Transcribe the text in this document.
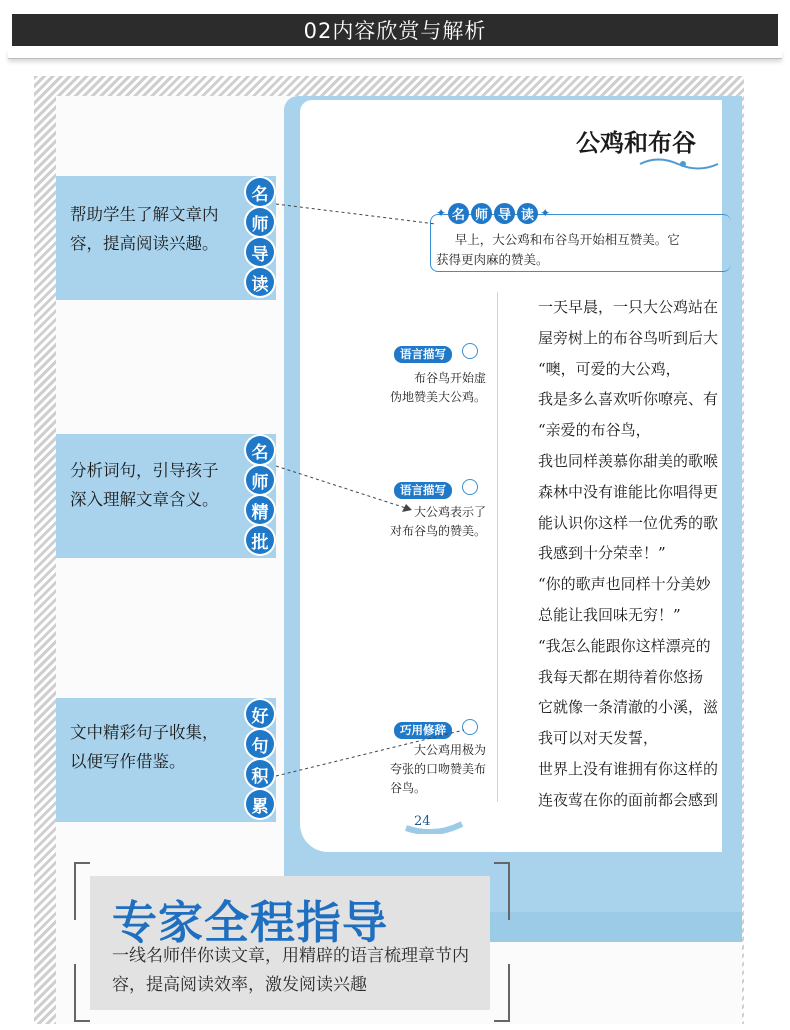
02内容欣赏与解析
公鸡和布谷
帮助学生了解文章内容，提高阅读兴趣。
名
师
导
读
分析词句，引导孩子深入理解文章含义。
名
师
精
批
文中精彩句子收集，以便写作借鉴。
好
句
积
累
✦ 名 师 导 读 ✦
早上，大公鸡和布谷鸟开始相互赞美。它
获得更肉麻的赞美。
语言描写
布谷鸟开始虚伪地赞美大公鸡。
语言描写
大公鸡表示了对布谷鸟的赞美。
巧用修辞
大公鸡用极为夸张的口吻赞美布谷鸟。
一天早晨，一只大公鸡站在
屋旁树上的布谷鸟听到后大
“噢，可爱的大公鸡，
我是多么喜欢听你嘹亮、有
“亲爱的布谷鸟，
我也同样羡慕你甜美的歌喉
森林中没有谁能比你唱得更
能认识你这样一位优秀的歌
我感到十分荣幸！”
“你的歌声也同样十分美妙
总能让我回味无穷！”
“我怎么能跟你这样漂亮的
我每天都在期待着你悠扬
它就像一条清澈的小溪，滋
我可以对天发誓，
世界上没有谁拥有你这样的
连夜莺在你的面前都会感到
24
专家全程指导
一线名师伴你读文章，用精辟的语言梳理章节内容，提高阅读效率，激发阅读兴趣
